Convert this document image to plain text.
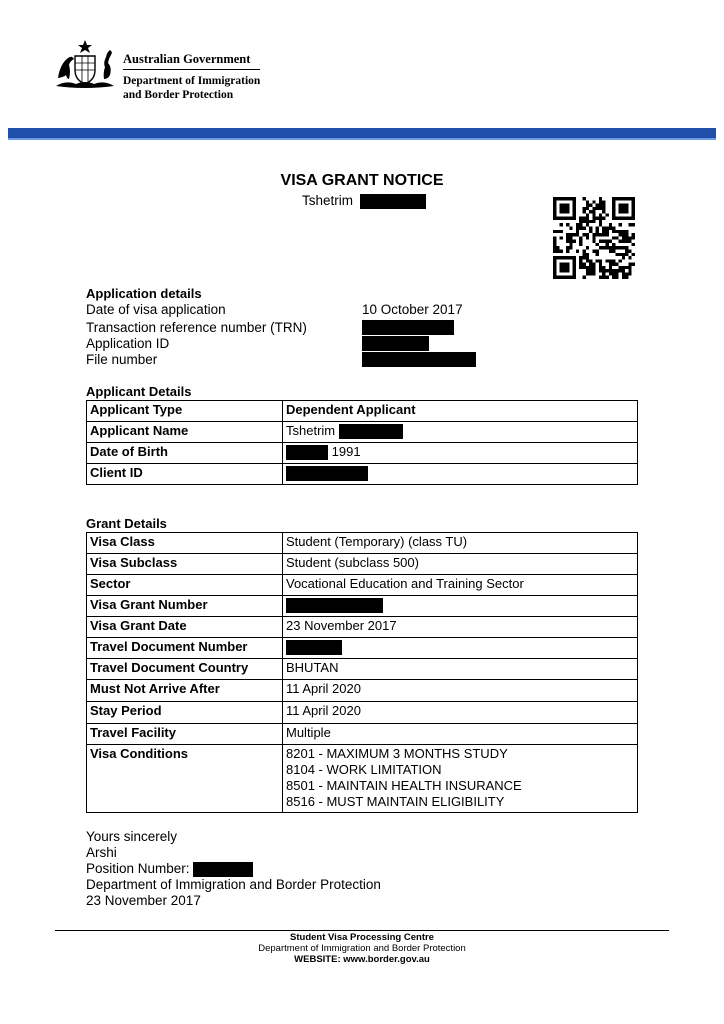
Australian Government
Department of Immigration
and Border Protection
VISA GRANT NOTICE
Tshetrim
Application details
Date of visa application	10 October 2017
Transaction reference number (TRN)
Application ID
File number
Applicant Details
Applicant Type	Dependent Applicant
Applicant Name	Tshetrim
Date of Birth	1991
Client ID	
Grant Details
Visa Class	Student (Temporary) (class TU)
Visa Subclass	Student (subclass 500)
Sector	Vocational Education and Training Sector
Visa Grant Number	
Visa Grant Date	23 November 2017
Travel Document Number	
Travel Document Country	BHUTAN
Must Not Arrive After	11 April 2020
Stay Period	11 April 2020
Travel Facility	Multiple
Visa Conditions	8201 - MAXIMUM 3 MONTHS STUDY
8104 - WORK LIMITATION
8501 - MAINTAIN HEALTH INSURANCE
8516 - MUST MAINTAIN ELIGIBILITY
Yours sincerely
Arshi
Position Number:
Department of Immigration and Border Protection
23 November 2017
Student Visa Processing Centre
Department of Immigration and Border Protection
WEBSITE: www.border.gov.au
